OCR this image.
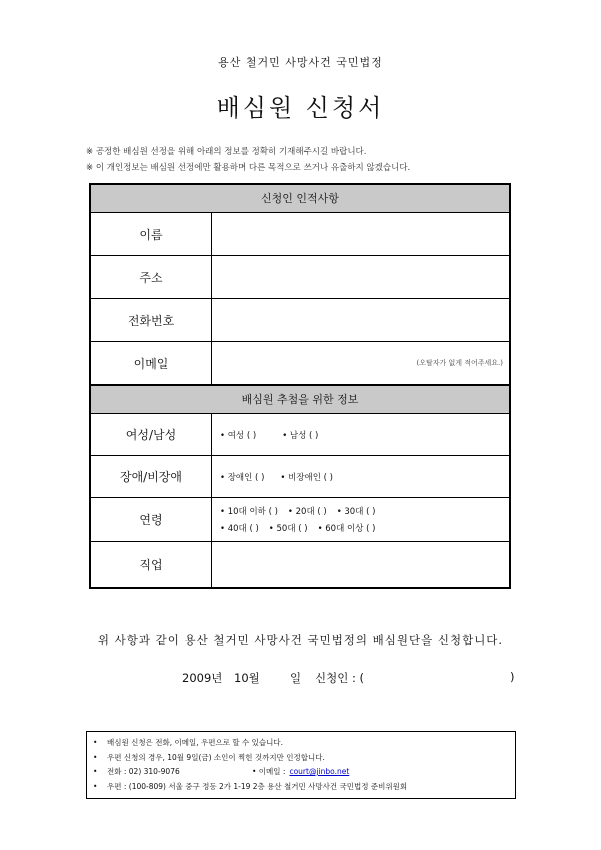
용산 철거민 사망사건 국민법정
배심원 신청서
※ 공정한 배심원 선정을 위해 아래의 정보를 정확히 기재해주시길 바랍니다.
※ 이 개인정보는 배심원 선정에만 활용하며 다른 목적으로 쓰거나 유출하지 않겠습니다.
신청인 인적사항
이름
주소
전화번호
이메일	(오탈자가 없게 적어주세요.)
배심원 추첨을 위한 정보
여성/남성	• 여성 ( )	• 남성 ( )
장애/비장애	• 장애인 ( ) • 비장애인 ( )
연령
• 10대 이하 ( ) • 20대 ( ) • 30대 ( )
• 40대 ( ) • 50대 ( ) • 60대 이상 ( )
직업
위 사항과 같이 용산 철거민 사망사건 국민법정의 배심원단을 신청합니다.
2009년	10월	일	신청인 : (	)
•	배심원 신청은 전화, 이메일, 우편으로 할 수 있습니다.
•	우편 신청의 경우, 10월 9일(금) 소인이 찍힌 것까지만 인정합니다.
•	전화 : 02) 310-9076	• 이메일 : court@jinbo.net
•	우편 : (100-809) 서울 중구 정동 2가 1-19 2층 용산 철거민 사망사건 국민법정 준비위원회
